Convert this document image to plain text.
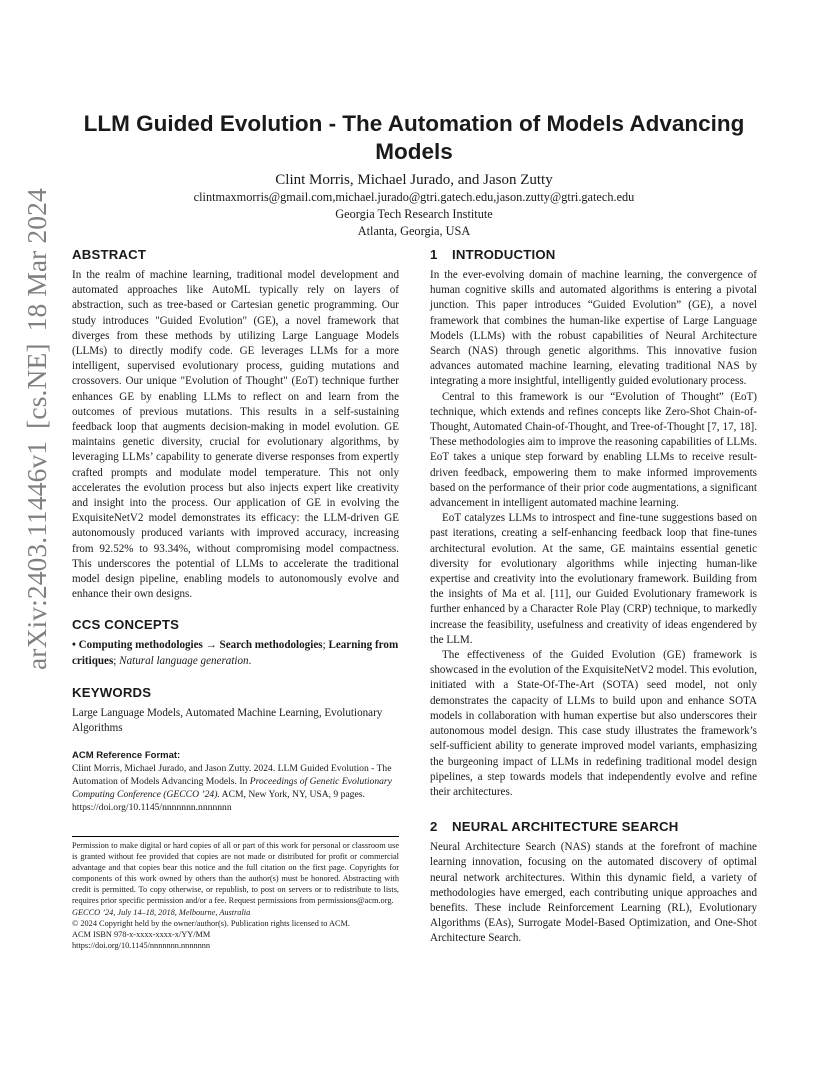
arXiv:2403.11446v1[cs.NE]18 Mar 2024
LLM Guided Evolution - The Automation of Models Advancing
Models
Clint Morris, Michael Jurado, and Jason Zutty
clintmaxmorris@gmail.com,michael.jurado@gtri.gatech.edu,jason.zutty@gtri.gatech.edu
Georgia Tech Research Institute
Atlanta, Georgia, USA
ABSTRACT

In the realm of machine learning, traditional model development and automated approaches like AutoML typically rely on layers of abstraction, such as tree-based or Cartesian genetic programming. Our study introduces "Guided Evolution" (GE), a novel framework that diverges from these methods by utilizing Large Language Models (LLMs) to directly modify code. GE leverages LLMs for a more intelligent, supervised evolutionary process, guiding mutations and crossovers. Our unique "Evolution of Thought" (EoT) technique further enhances GE by enabling LLMs to reflect on and learn from the outcomes of previous mutations. This results in a self-sustaining feedback loop that augments decision-making in model evolution. GE maintains genetic diversity, crucial for evolutionary algorithms, by leveraging LLMs’ capability to generate diverse responses from expertly crafted prompts and modulate model temperature. This not only accelerates the evolution process but also injects expert like creativity and insight into the process. Our application of GE in evolving the ExquisiteNetV2 model demonstrates its efficacy: the LLM-driven GE autonomously produced variants with improved accuracy, increasing from 92.52% to 93.34%, without compromising model compactness. This underscores the potential of LLMs to accelerate the traditional model design pipeline, enabling models to autonomously evolve and enhance their own designs.

CCS CONCEPTS

• Computing methodologies → Search methodologies; Learning from critiques; Natural language generation.

KEYWORDS

Large Language Models, Automated Machine Learning, Evolutionary Algorithms

ACM Reference Format:

Clint Morris, Michael Jurado, and Jason Zutty. 2024. LLM Guided Evolution - The Automation of Models Advancing Models. In Proceedings of Genetic Evolutionary Computing Conference (GECCO ’24). ACM, New York, NY, USA, 9 pages. https://doi.org/10.1145/nnnnnnn.nnnnnnn

Permission to make digital or hard copies of all or part of this work for personal or classroom use is granted without fee provided that copies are not made or distributed for profit or commercial advantage and that copies bear this notice and the full citation on the first page. Copyrights for components of this work owned by others than the author(s) must be honored. Abstracting with credit is permitted. To copy otherwise, or republish, to post on servers or to redistribute to lists, requires prior specific permission and/or a fee. Request permissions from permissions@acm.org.

GECCO ’24, July 14–18, 2018, Melbourne, Australia

© 2024 Copyright held by the owner/author(s). Publication rights licensed to ACM.

ACM ISBN 978-x-xxxx-xxxx-x/YY/MM

https://doi.org/10.1145/nnnnnnn.nnnnnnn

1 INTRODUCTION

In the ever-evolving domain of machine learning, the convergence of human cognitive skills and automated algorithms is entering a pivotal junction. This paper introduces “Guided Evolution” (GE), a novel framework that combines the human-like expertise of Large Language Models (LLMs) with the robust capabilities of Neural Architecture Search (NAS) through genetic algorithms. This innovative fusion advances automated machine learning, elevating traditional NAS by integrating a more insightful, intelligently guided evolutionary process.

Central to this framework is our “Evolution of Thought” (EoT) technique, which extends and refines concepts like Zero-Shot Chain-of-Thought, Automated Chain-of-Thought, and Tree-of-Thought [7, 17, 18]. These methodologies aim to improve the reasoning capabilities of LLMs. EoT takes a unique step forward by enabling LLMs to receive result-driven feedback, empowering them to make informed improvements based on the performance of their prior code augmentations, a significant advancement in intelligent automated machine learning.

EoT catalyzes LLMs to introspect and fine-tune suggestions based on past iterations, creating a self-enhancing feedback loop that fine-tunes architectural evolution. At the same, GE maintains essential genetic diversity for evolutionary algorithms while injecting human-like expertise and creativity into the evolutionary framework. Building from the insights of Ma et al. [11], our Guided Evolutionary framework is further enhanced by a Character Role Play (CRP) technique, to markedly increase the feasibility, usefulness and creativity of ideas engendered by the LLM.

The effectiveness of the Guided Evolution (GE) framework is showcased in the evolution of the ExquisiteNetV2 model. This evolution, initiated with a State-Of-The-Art (SOTA) seed model, not only demonstrates the capacity of LLMs to build upon and enhance SOTA models in collaboration with human expertise but also underscores their autonomous model design. This case study illustrates the framework’s self-sufficient ability to generate improved model variants, emphasizing the burgeoning impact of LLMs in redefining traditional model design pipelines, a step towards models that independently evolve and refine their architectures.

2 NEURAL ARCHITECTURE SEARCH

Neural Architecture Search (NAS) stands at the forefront of machine learning innovation, focusing on the automated discovery of optimal neural network architectures. Within this dynamic field, a variety of methodologies have emerged, each contributing unique approaches and benefits. These include Reinforcement Learning (RL), Evolutionary Algorithms (EAs), Surrogate Model-Based Optimization, and One-Shot Architecture Search.
